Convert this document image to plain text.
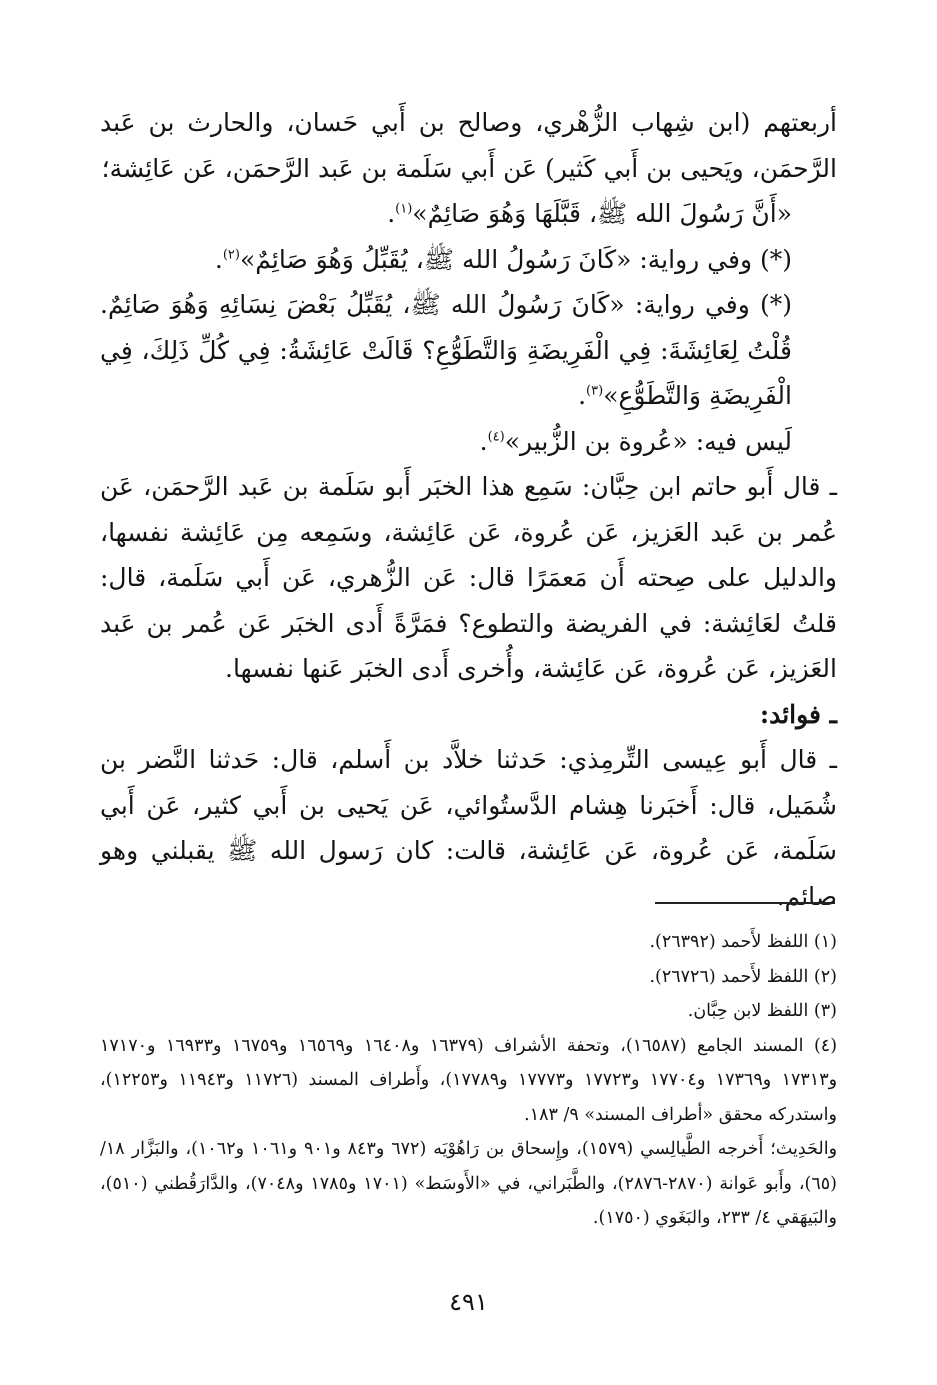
أربعتهم (ابن شِهاب الزُّهْري، وصالح بن أَبي حَسان، والحارث بن عَبد الرَّحمَن، ويَحيى بن أَبي كَثير) عَن أَبي سَلَمة بن عَبد الرَّحمَن، عَن عَائِشة؛

«أَنَّ رَسُولَ الله ﷺ، قَبَّلَهَا وَهُوَ صَائِمٌ»$^{(١)}$.

(*) وفي رواية: «كَانَ رَسُولُ الله ﷺ، يُقَبِّلُ وَهُوَ صَائِمٌ»$^{(٢)}$.

(*) وفي رواية: «كَانَ رَسُولُ الله ﷺ، يُقَبِّلُ بَعْضَ نِسَائِهِ وَهُوَ صَائِمٌ. قُلْتُ لِعَائِشَةَ: فِي الْفَرِيضَةِ وَالتَّطَوُّعِ؟ قَالَتْ عَائِشَةُ: فِي كُلِّ ذَلِكَ، فِي الْفَرِيضَةِ وَالتَّطَوُّعِ»$^{(٣)}$.

لَيس فيه: «عُروة بن الزُّبير»$^{(٤)}$.

ـ قال أَبو حاتم ابن حِبَّان: سَمِع هذا الخبَر أَبو سَلَمة بن عَبد الرَّحمَن، عَن عُمر بن عَبد العَزيز، عَن عُروة، عَن عَائِشة، وسَمِعه مِن عَائِشة نفسها، والدليل على صِحته أَن مَعمَرًا قال: عَن الزُّهري، عَن أَبي سَلَمة، قال: قلتُ لعَائِشة: في الفريضة والتطوع؟ فمَرَّةً أَدى الخبَر عَن عُمر بن عَبد العَزيز، عَن عُروة، عَن عَائِشة، وأُخرى أَدى الخبَر عَنها نفسها.

ـ فوائد:

ـ قال أَبو عِيسى التِّرمِذي: حَدثنا خلاَّد بن أَسلم، قال: حَدثنا النَّضر بن شُمَيل، قال: أَخبَرنا هِشام الدَّستُوائي، عَن يَحيى بن أَبي كثير، عَن أَبي سَلَمة، عَن عُروة، عَن عَائِشة، قالت: كان رَسول الله ﷺ يقبلني وهو صائم.

(١) اللفظ لأَحمد (٢٦٣٩٢).

(٢) اللفظ لأَحمد (٢٦٧٢٦).

(٣) اللفظ لابن حِبَّان.

(٤) المسند الجامع (١٦٥٨٧)، وتحفة الأشراف (١٦٣٧٩ و١٦٤٠٨ و١٦٥٦٩ و١٦٧٥٩ و١٦٩٣٣ و١٧١٧٠ و١٧٣١٣ و١٧٣٦٩ و١٧٧٠٤ و١٧٧٢٣ و١٧٧٧٣ و١٧٧٨٩)، وأَطراف المسند (١١٧٢٦ و١١٩٤٣ و١٢٢٥٣)، واستدركه محقق «أطراف المسند» ٩/ ١٨٣.

والحَدِيث؛ أَخرجه الطَّيالِسي (١٥٧٩)، وإِسحاق بن رَاهُوْيَه (٦٧٢ و٨٤٣ و٩٠١ و١٠٦١ و١٠٦٢)، والبَزَّار ١٨/ (٦٥)، وأَبو عَوانة (٢٨٧٠-٢٨٧٦)، والطَّبَراني، في «الأَوسَط» (١٧٠١ و١٧٨٥ و٧٠٤٨)، والدَّارَقُطني (٥١٠)، والبَيهَقي ٤/ ٢٣٣، والبَغَوي (١٧٥٠).

٤٩١
